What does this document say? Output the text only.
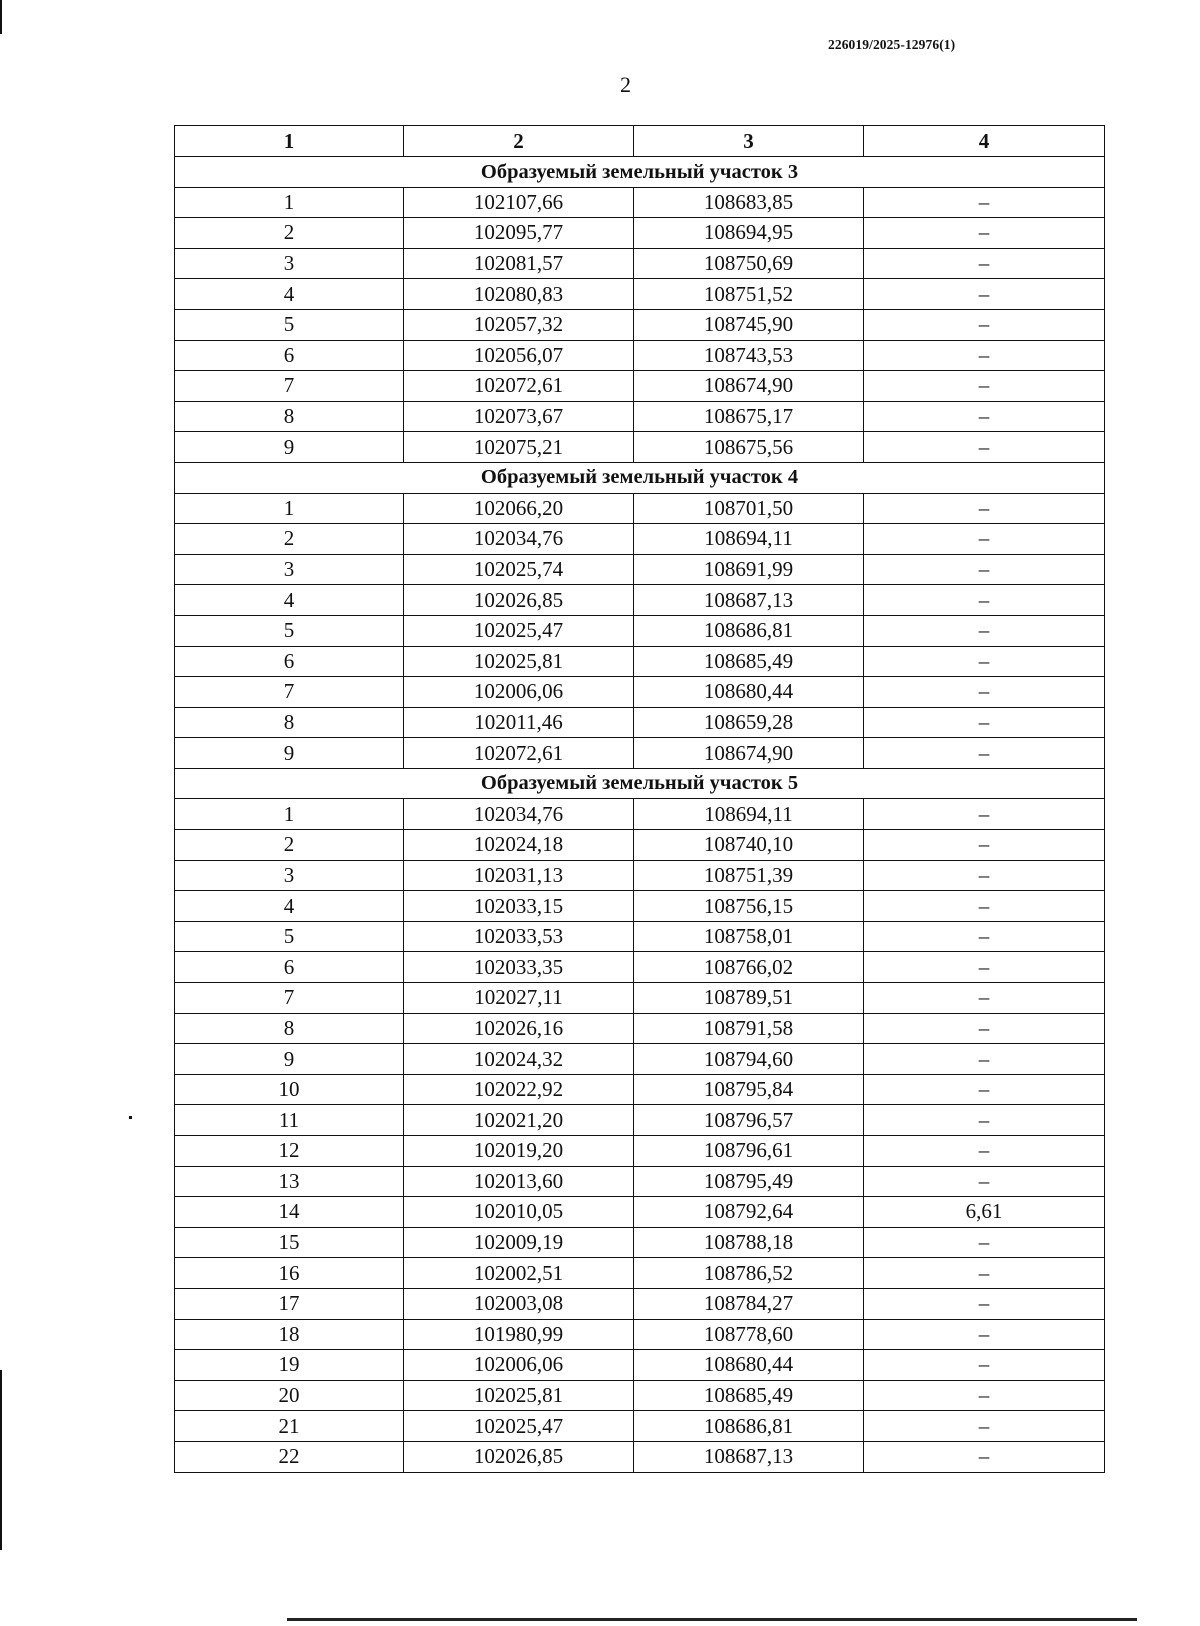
226019/2025-12976(1)
2
1	2	3	4
Образуемый земельный участок 3			
1	102107,66	108683,85	–
2	102095,77	108694,95	–
3	102081,57	108750,69	–
4	102080,83	108751,52	–
5	102057,32	108745,90	–
6	102056,07	108743,53	–
7	102072,61	108674,90	–
8	102073,67	108675,17	–
9	102075,21	108675,56	–
Образуемый земельный участок 4			
1	102066,20	108701,50	–
2	102034,76	108694,11	–
3	102025,74	108691,99	–
4	102026,85	108687,13	–
5	102025,47	108686,81	–
6	102025,81	108685,49	–
7	102006,06	108680,44	–
8	102011,46	108659,28	–
9	102072,61	108674,90	–
Образуемый земельный участок 5			
1	102034,76	108694,11	–
2	102024,18	108740,10	–
3	102031,13	108751,39	–
4	102033,15	108756,15	–
5	102033,53	108758,01	–
6	102033,35	108766,02	–
7	102027,11	108789,51	–
8	102026,16	108791,58	–
9	102024,32	108794,60	–
10	102022,92	108795,84	–
11	102021,20	108796,57	–
12	102019,20	108796,61	–
13	102013,60	108795,49	–
14	102010,05	108792,64	6,61
15	102009,19	108788,18	–
16	102002,51	108786,52	–
17	102003,08	108784,27	–
18	101980,99	108778,60	–
19	102006,06	108680,44	–
20	102025,81	108685,49	–
21	102025,47	108686,81	–
22	102026,85	108687,13	–
